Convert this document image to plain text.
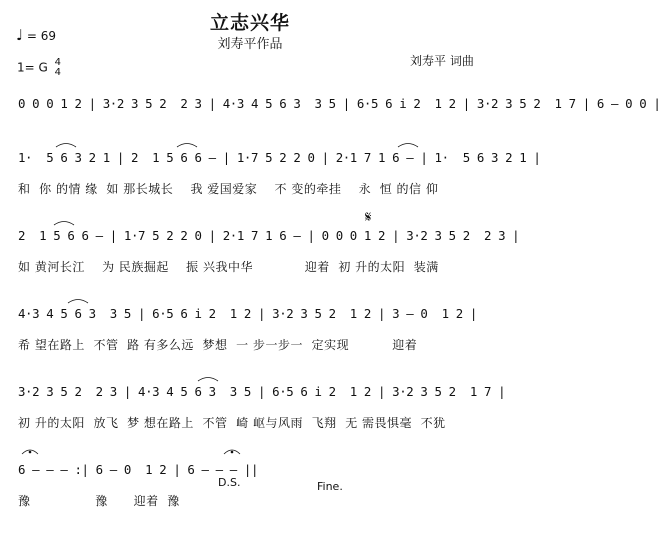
立志兴华
刘寿平作品
♩ = 69
1= G 4
4
刘寿平 词曲
0 0 0 1 2 | 3·2 3 5 2  2 3 | 4·3 4 5 6 3  3 5 | 6·5 6 i 2  1 2 | 3·2 3 5 2  1 7 | 6 – 0 0 |
1·  5 6 3 2 1 | 2  1 5 6 6 – | 1·7 5 2 2 0 | 2·1 7 1 6 – | 1·  5 6 3 2 1 |
和  你 的情 缘  如 那长城长    我 爱国爱家    不 变的牵挂    永  恒 的信 仰
2  1 5 6 6 – | 1·7 5 2 2 0 | 2·1 7 1 6 – | 0 0 0 1 2 | 3·2 3 5 2  2 3 |
如 黄河长江    为 民族掘起    振 兴我中华            迎着  初 升的太阳  装满
4·3 4 5 6 3  3 5 | 6·5 6 i 2  1 2 | 3·2 3 5 2  1 2 | 3 – 0  1 2 |
希 望在路上  不管  路 有多么远  梦想  一 步一步一  定实现          迎着
3·2 3 5 2  2 3 | 4·3 4 5 6 3  3 5 | 6·5 6 i 2  1 2 | 3·2 3 5 2  1 7 |
初 升的太阳  放飞  梦 想在路上  不管  崎 岖与风雨  飞翔  无 需畏惧毫  不犹
6 – – – :| 6 – 0  1 2 | 6 – – – ||
豫               豫      迎着  豫
𝄋
D.S.	Fine.
